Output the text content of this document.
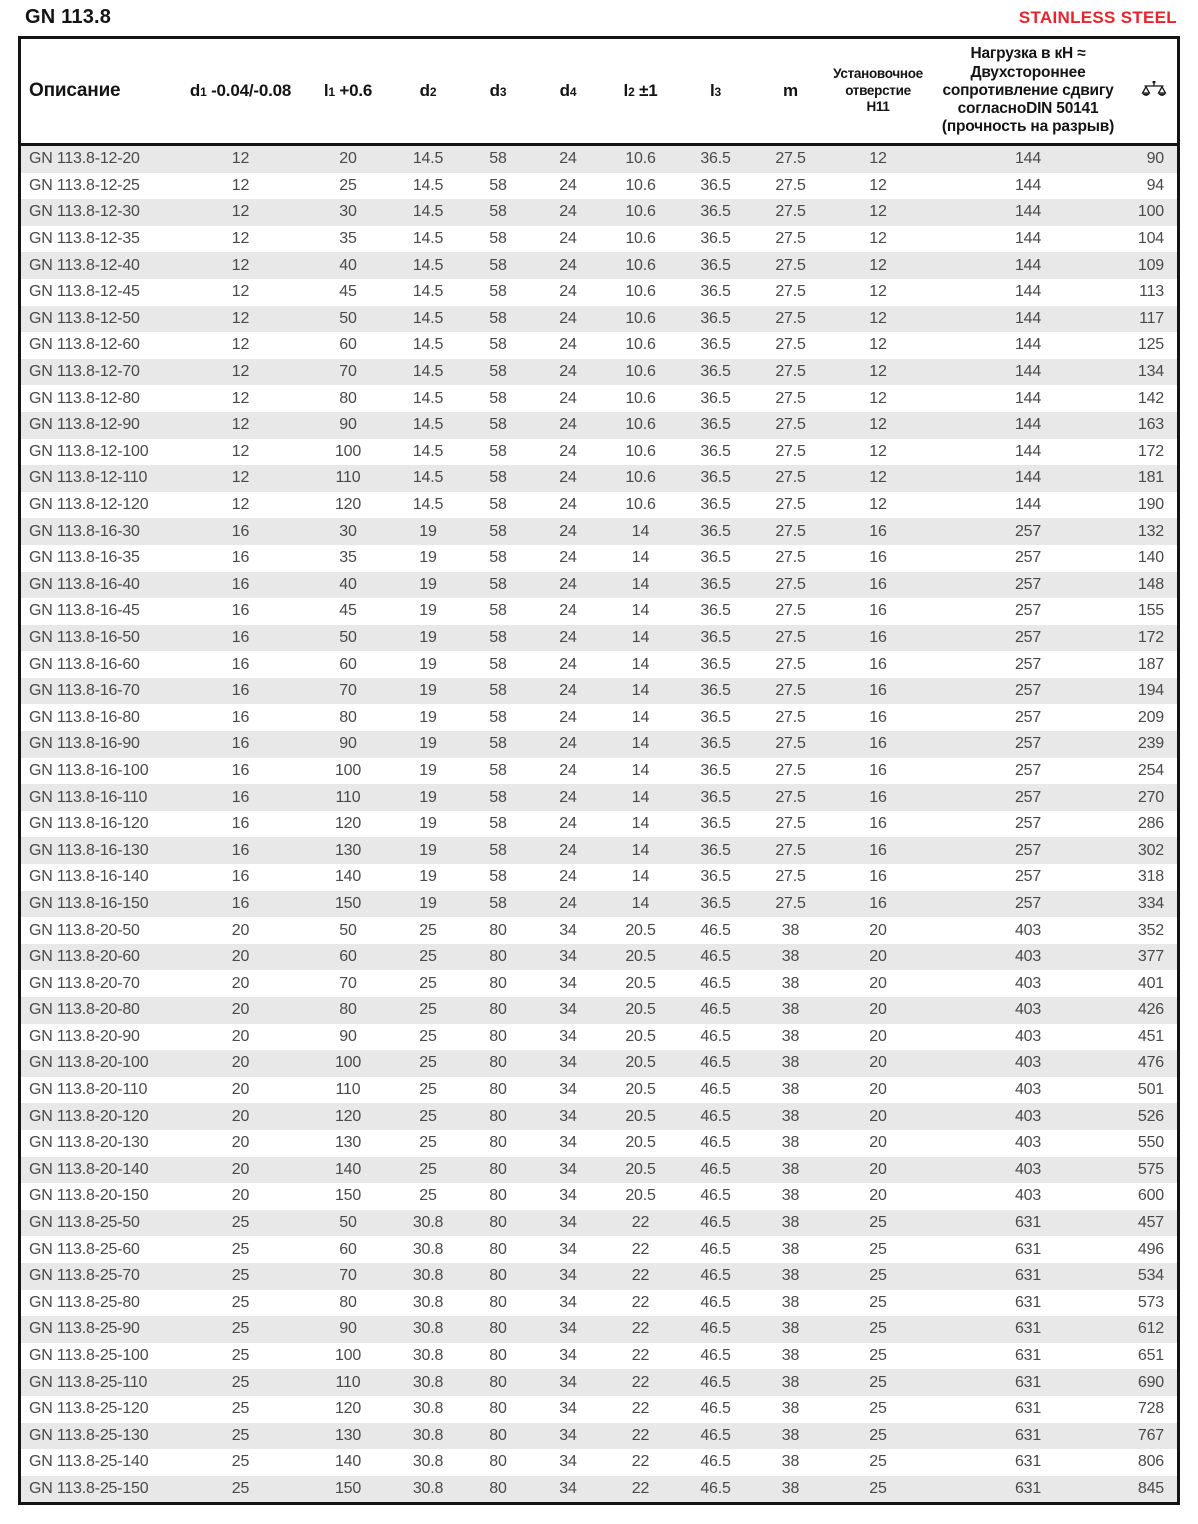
GN 113.8	STAINLESS STEEL
Описание	d1 -0.04/-0.08	l1 +0.6	d2	d3	d4	l2 ±1	l3	m	Установочное отверстие H11	Нагрузка в кН ≈ Двухстороннее сопротивление сдвигу согласноDIN 50141 (прочность на разрыв)	
GN 113.8-12-20	12	20	14.5	58	24	10.6	36.5	27.5	12	144	90
GN 113.8-12-25	12	25	14.5	58	24	10.6	36.5	27.5	12	144	94
GN 113.8-12-30	12	30	14.5	58	24	10.6	36.5	27.5	12	144	100
GN 113.8-12-35	12	35	14.5	58	24	10.6	36.5	27.5	12	144	104
GN 113.8-12-40	12	40	14.5	58	24	10.6	36.5	27.5	12	144	109
GN 113.8-12-45	12	45	14.5	58	24	10.6	36.5	27.5	12	144	113
GN 113.8-12-50	12	50	14.5	58	24	10.6	36.5	27.5	12	144	117
GN 113.8-12-60	12	60	14.5	58	24	10.6	36.5	27.5	12	144	125
GN 113.8-12-70	12	70	14.5	58	24	10.6	36.5	27.5	12	144	134
GN 113.8-12-80	12	80	14.5	58	24	10.6	36.5	27.5	12	144	142
GN 113.8-12-90	12	90	14.5	58	24	10.6	36.5	27.5	12	144	163
GN 113.8-12-100	12	100	14.5	58	24	10.6	36.5	27.5	12	144	172
GN 113.8-12-110	12	110	14.5	58	24	10.6	36.5	27.5	12	144	181
GN 113.8-12-120	12	120	14.5	58	24	10.6	36.5	27.5	12	144	190
GN 113.8-16-30	16	30	19	58	24	14	36.5	27.5	16	257	132
GN 113.8-16-35	16	35	19	58	24	14	36.5	27.5	16	257	140
GN 113.8-16-40	16	40	19	58	24	14	36.5	27.5	16	257	148
GN 113.8-16-45	16	45	19	58	24	14	36.5	27.5	16	257	155
GN 113.8-16-50	16	50	19	58	24	14	36.5	27.5	16	257	172
GN 113.8-16-60	16	60	19	58	24	14	36.5	27.5	16	257	187
GN 113.8-16-70	16	70	19	58	24	14	36.5	27.5	16	257	194
GN 113.8-16-80	16	80	19	58	24	14	36.5	27.5	16	257	209
GN 113.8-16-90	16	90	19	58	24	14	36.5	27.5	16	257	239
GN 113.8-16-100	16	100	19	58	24	14	36.5	27.5	16	257	254
GN 113.8-16-110	16	110	19	58	24	14	36.5	27.5	16	257	270
GN 113.8-16-120	16	120	19	58	24	14	36.5	27.5	16	257	286
GN 113.8-16-130	16	130	19	58	24	14	36.5	27.5	16	257	302
GN 113.8-16-140	16	140	19	58	24	14	36.5	27.5	16	257	318
GN 113.8-16-150	16	150	19	58	24	14	36.5	27.5	16	257	334
GN 113.8-20-50	20	50	25	80	34	20.5	46.5	38	20	403	352
GN 113.8-20-60	20	60	25	80	34	20.5	46.5	38	20	403	377
GN 113.8-20-70	20	70	25	80	34	20.5	46.5	38	20	403	401
GN 113.8-20-80	20	80	25	80	34	20.5	46.5	38	20	403	426
GN 113.8-20-90	20	90	25	80	34	20.5	46.5	38	20	403	451
GN 113.8-20-100	20	100	25	80	34	20.5	46.5	38	20	403	476
GN 113.8-20-110	20	110	25	80	34	20.5	46.5	38	20	403	501
GN 113.8-20-120	20	120	25	80	34	20.5	46.5	38	20	403	526
GN 113.8-20-130	20	130	25	80	34	20.5	46.5	38	20	403	550
GN 113.8-20-140	20	140	25	80	34	20.5	46.5	38	20	403	575
GN 113.8-20-150	20	150	25	80	34	20.5	46.5	38	20	403	600
GN 113.8-25-50	25	50	30.8	80	34	22	46.5	38	25	631	457
GN 113.8-25-60	25	60	30.8	80	34	22	46.5	38	25	631	496
GN 113.8-25-70	25	70	30.8	80	34	22	46.5	38	25	631	534
GN 113.8-25-80	25	80	30.8	80	34	22	46.5	38	25	631	573
GN 113.8-25-90	25	90	30.8	80	34	22	46.5	38	25	631	612
GN 113.8-25-100	25	100	30.8	80	34	22	46.5	38	25	631	651
GN 113.8-25-110	25	110	30.8	80	34	22	46.5	38	25	631	690
GN 113.8-25-120	25	120	30.8	80	34	22	46.5	38	25	631	728
GN 113.8-25-130	25	130	30.8	80	34	22	46.5	38	25	631	767
GN 113.8-25-140	25	140	30.8	80	34	22	46.5	38	25	631	806
GN 113.8-25-150	25	150	30.8	80	34	22	46.5	38	25	631	845
